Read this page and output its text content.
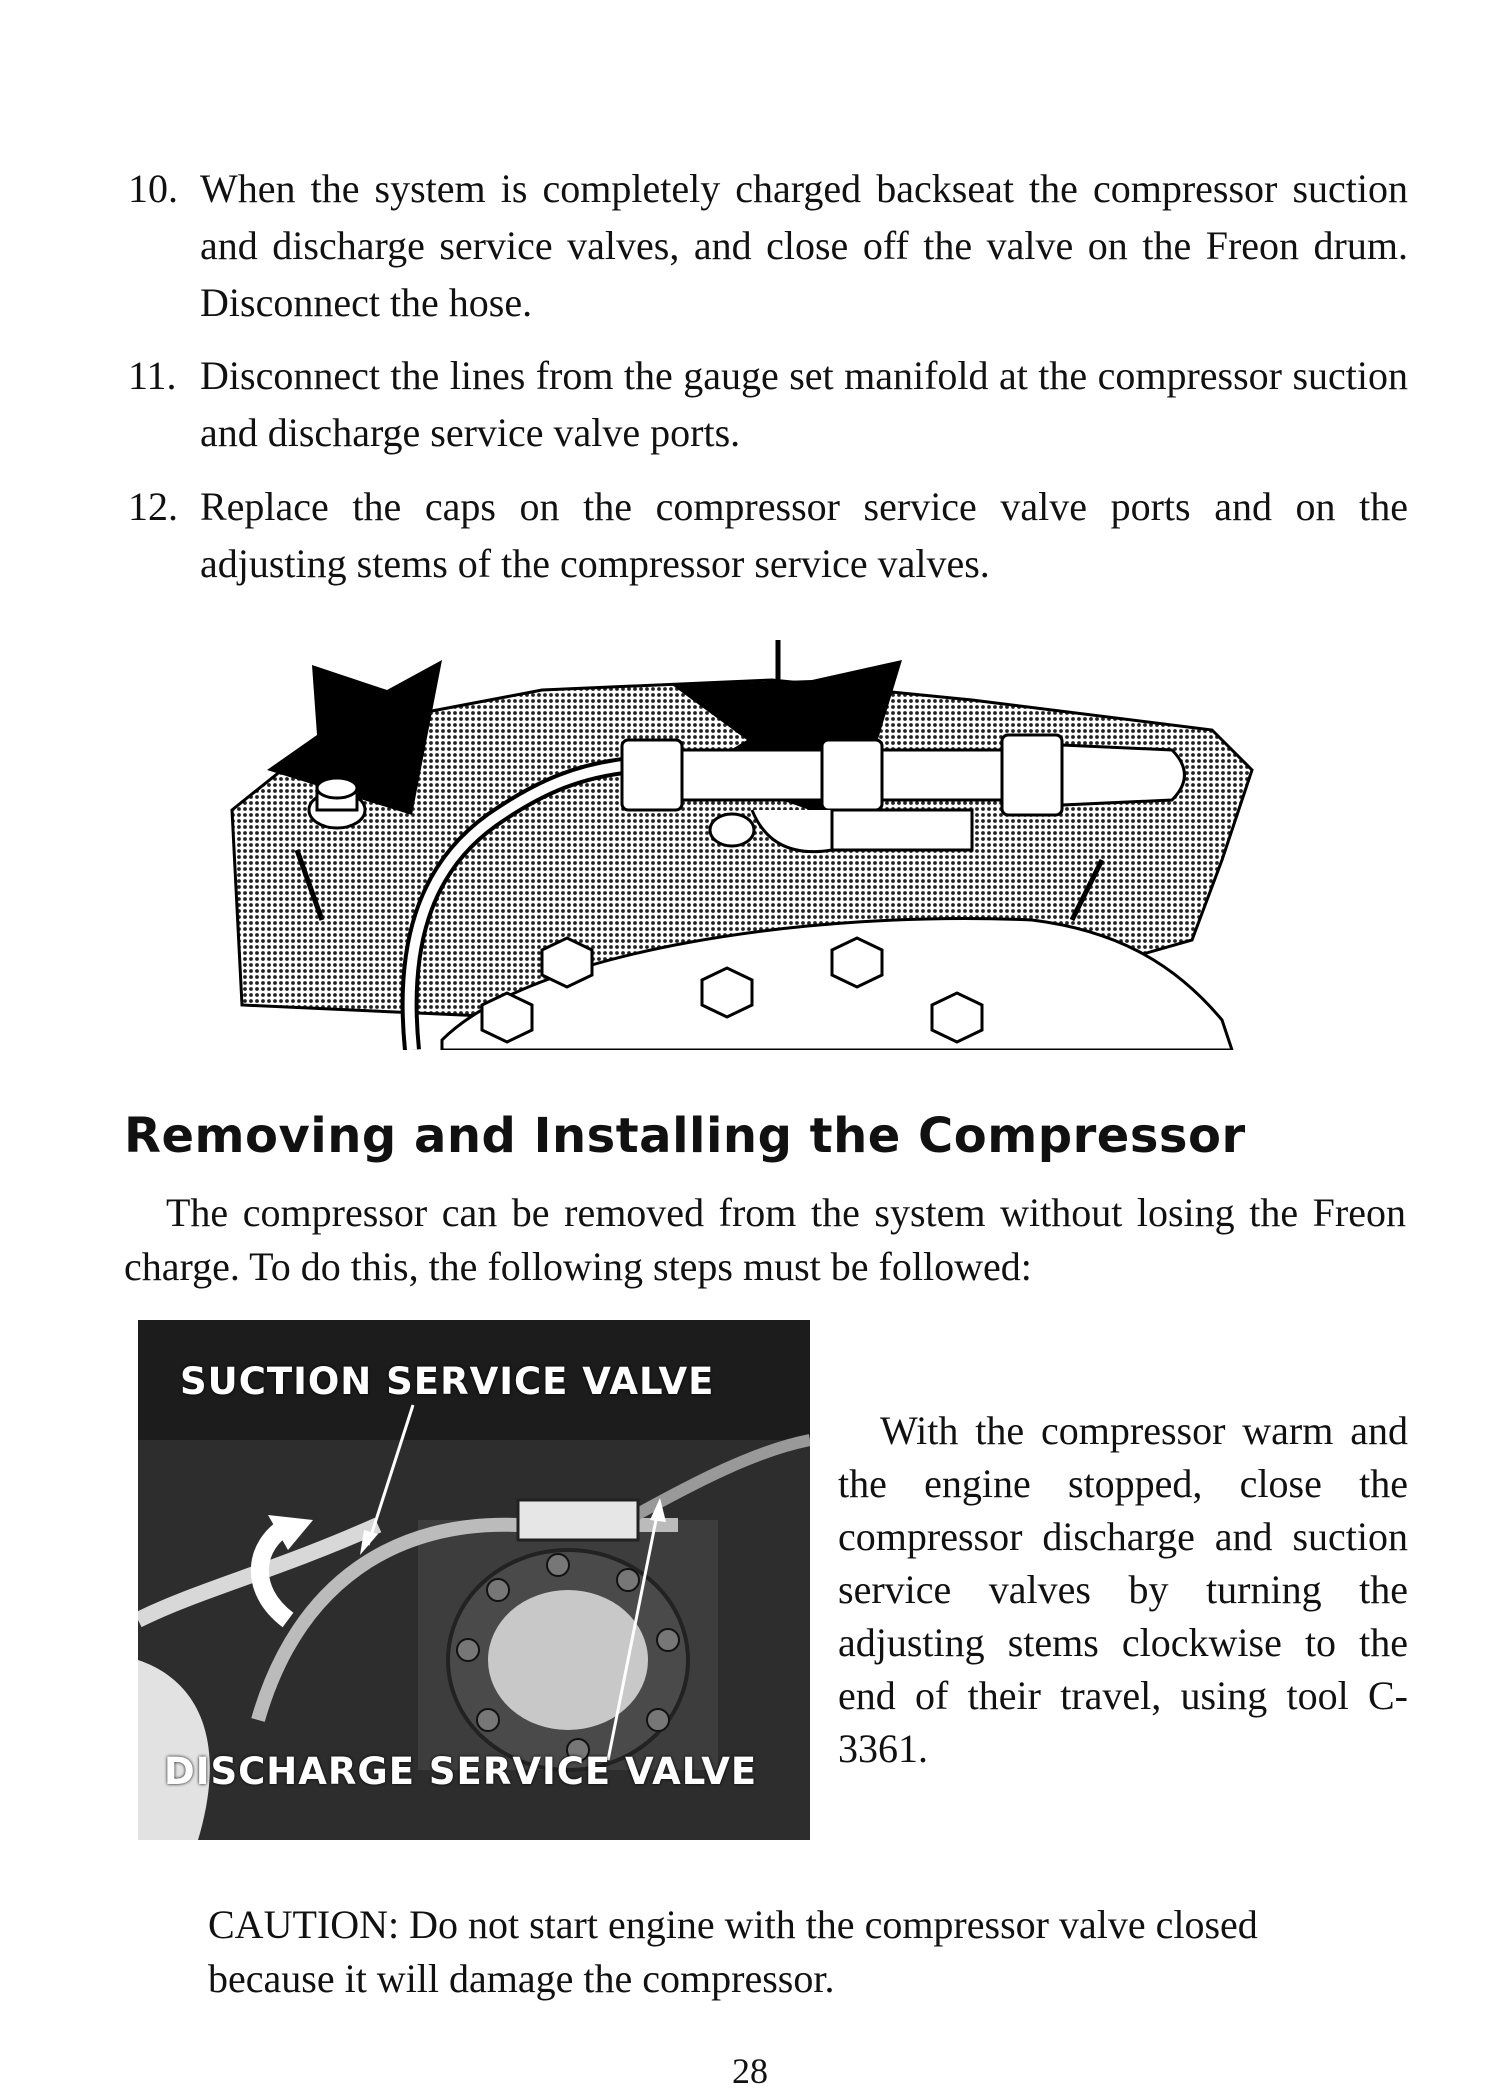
10. When the system is completely charged backseat the compressor suction and discharge service valves, and close off the valve on the Freon drum. Disconnect the hose.
11. Disconnect the lines from the gauge set manifold at the compressor suction and discharge service valve ports.
12. Replace the caps on the compressor service valve ports and on the adjusting stems of the compressor service valves.
Removing and Installing the Compressor

The compressor can be removed from the system without losing the Freon charge. To do this, the following steps must be followed:

SUCTION SERVICE VALVE
DISCHARGE SERVICE VALVE

With the compressor warm and the engine stopped, close the compressor discharge and suction service valves by turning the adjusting stems clockwise to the end of their travel, using tool C-3361.

CAUTION: Do not start engine with the compressor valve closed because it will damage the compressor.

28
